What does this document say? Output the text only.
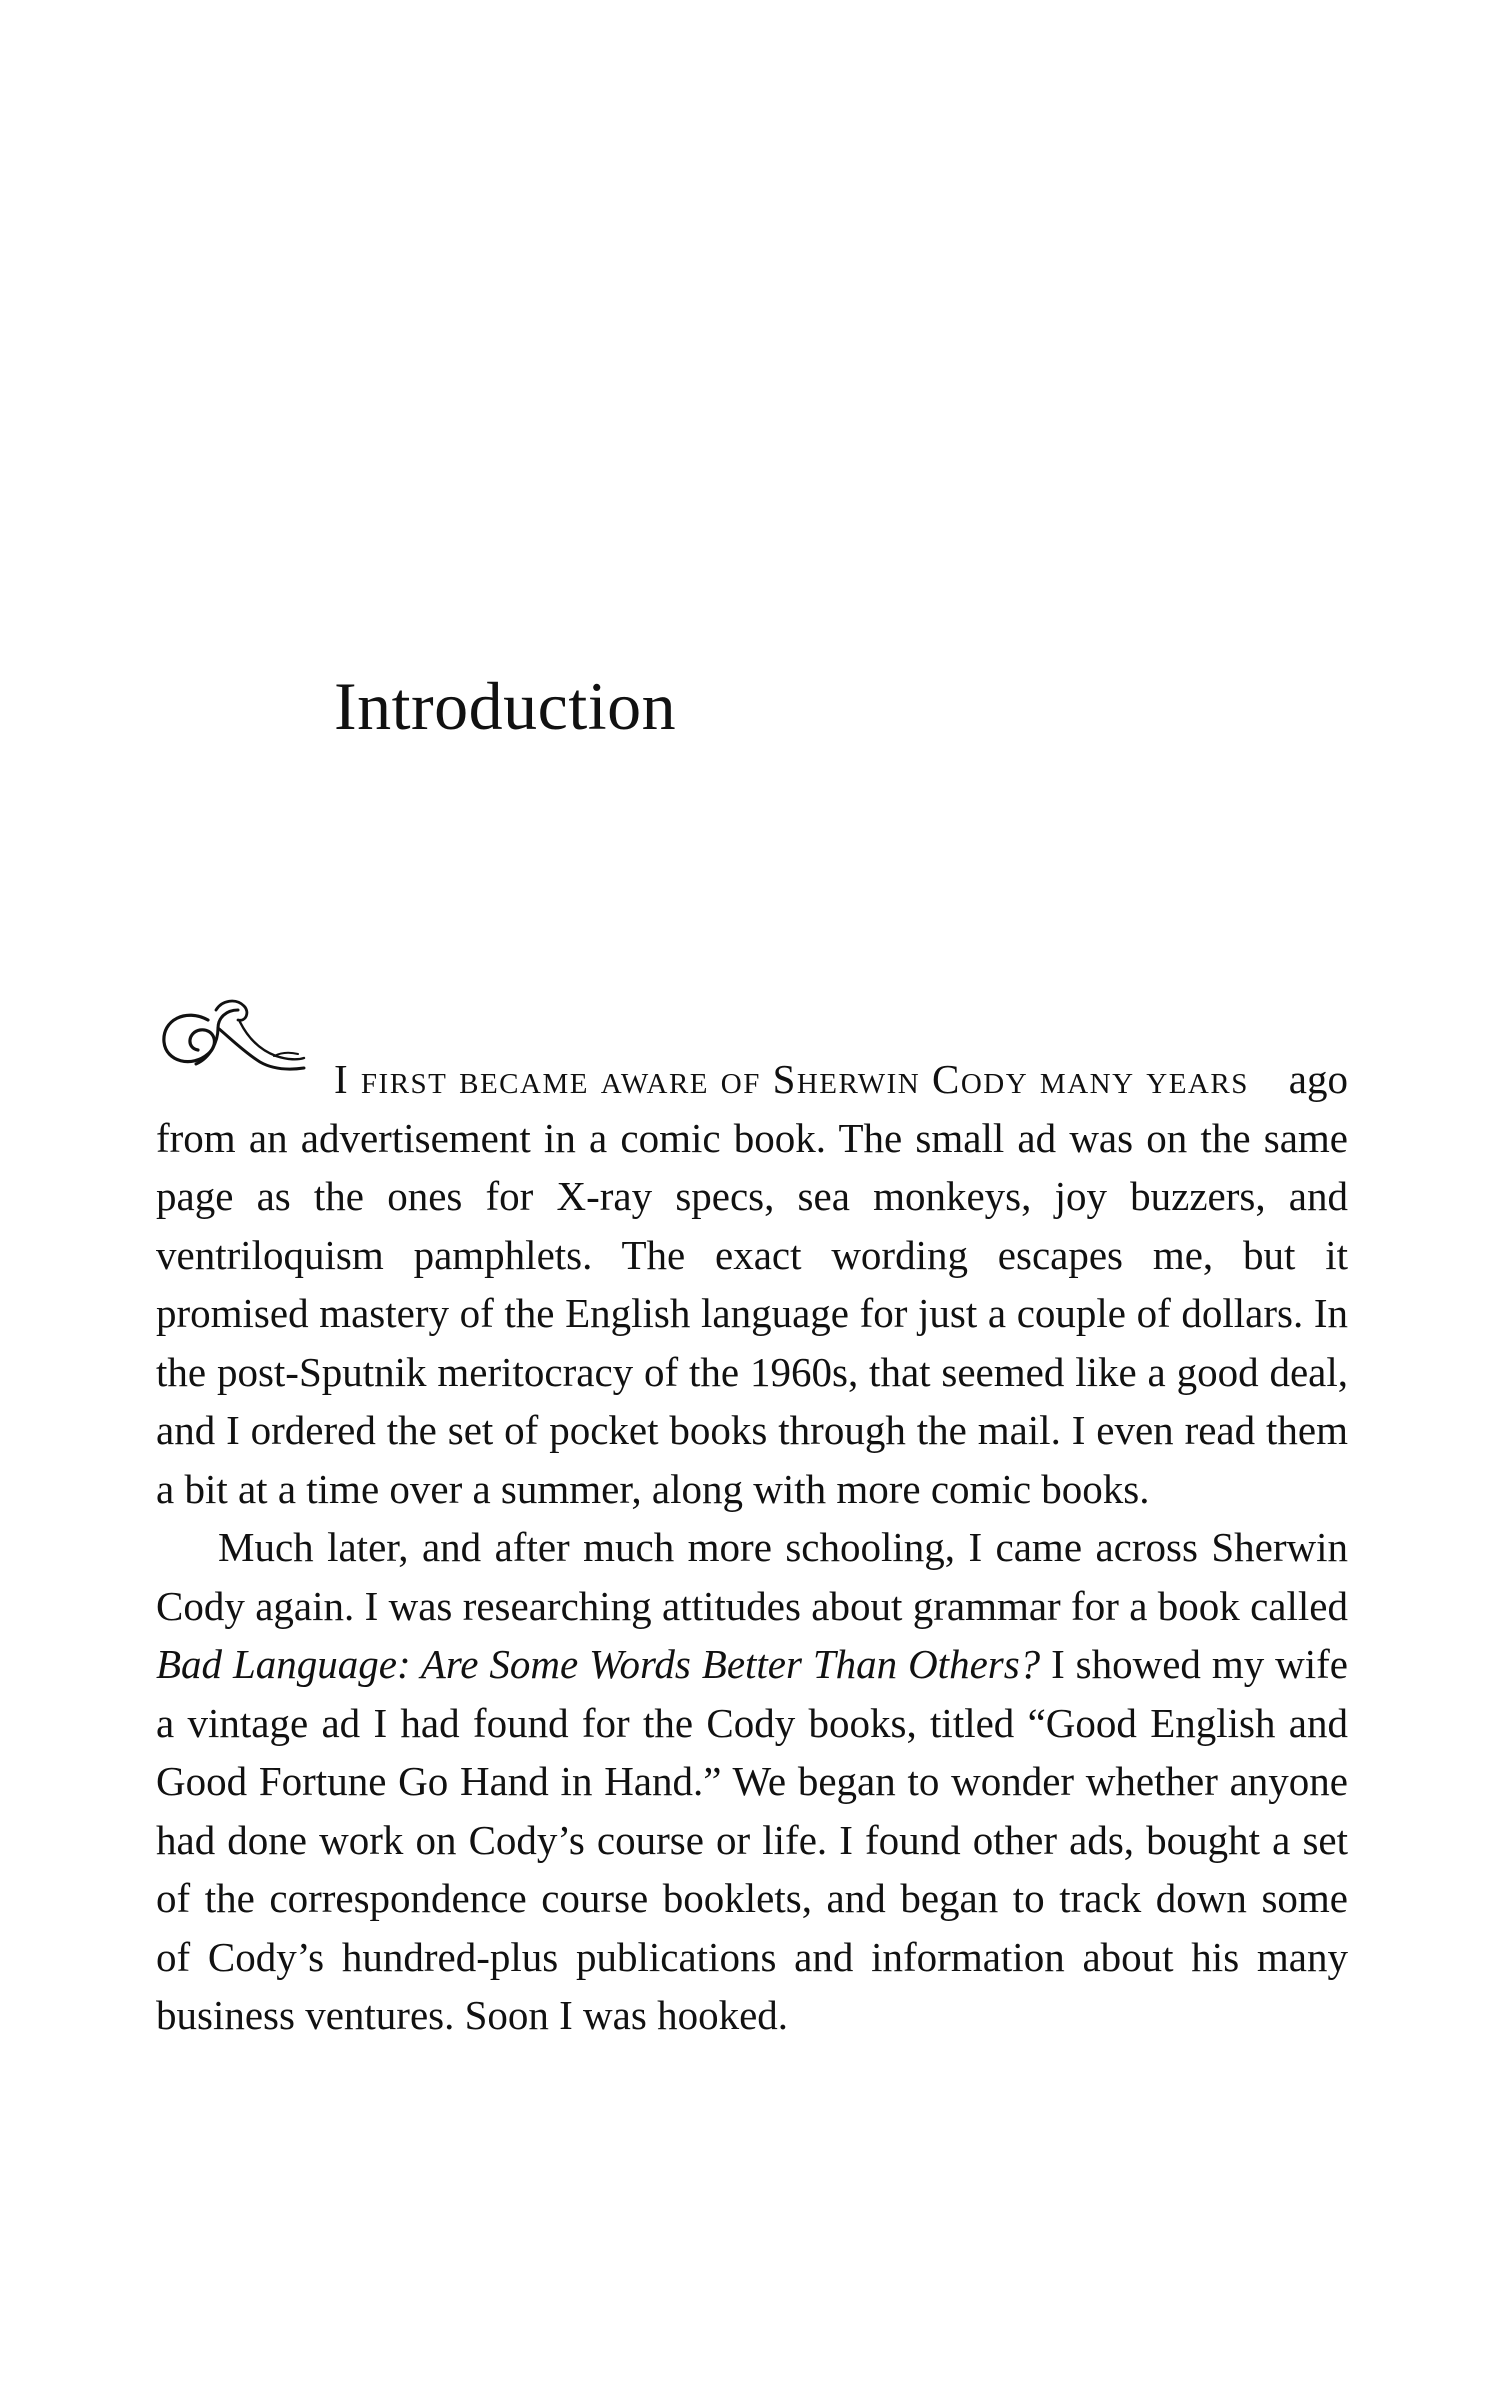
Introduction

I first became aware of Sherwin Cody many years ago from an advertisement in a comic book. The small ad was on the same page as the ones for X-ray specs, sea monkeys, joy buzzers, and ventriloquism pamphlets. The exact wording escapes me, but it promised mastery of the English language for just a couple of dollars. In the post-Sputnik meritocracy of the 1960s, that seemed like a good deal, and I ordered the set of pocket books through the mail. I even read them a bit at a time over a summer, along with more comic books.

Much later, and after much more schooling, I came across Sherwin Cody again. I was researching attitudes about grammar for a book called Bad Language: Are Some Words Better Than Others? I showed my wife a vintage ad I had found for the Cody books, titled “Good English and Good Fortune Go Hand in Hand.” We began to wonder whether anyone had done work on Cody’s course or life. I found other ads, bought a set of the correspondence course booklets, and began to track down some of Cody’s hundred-plus publications and information about his many business ventures. Soon I was hooked.
